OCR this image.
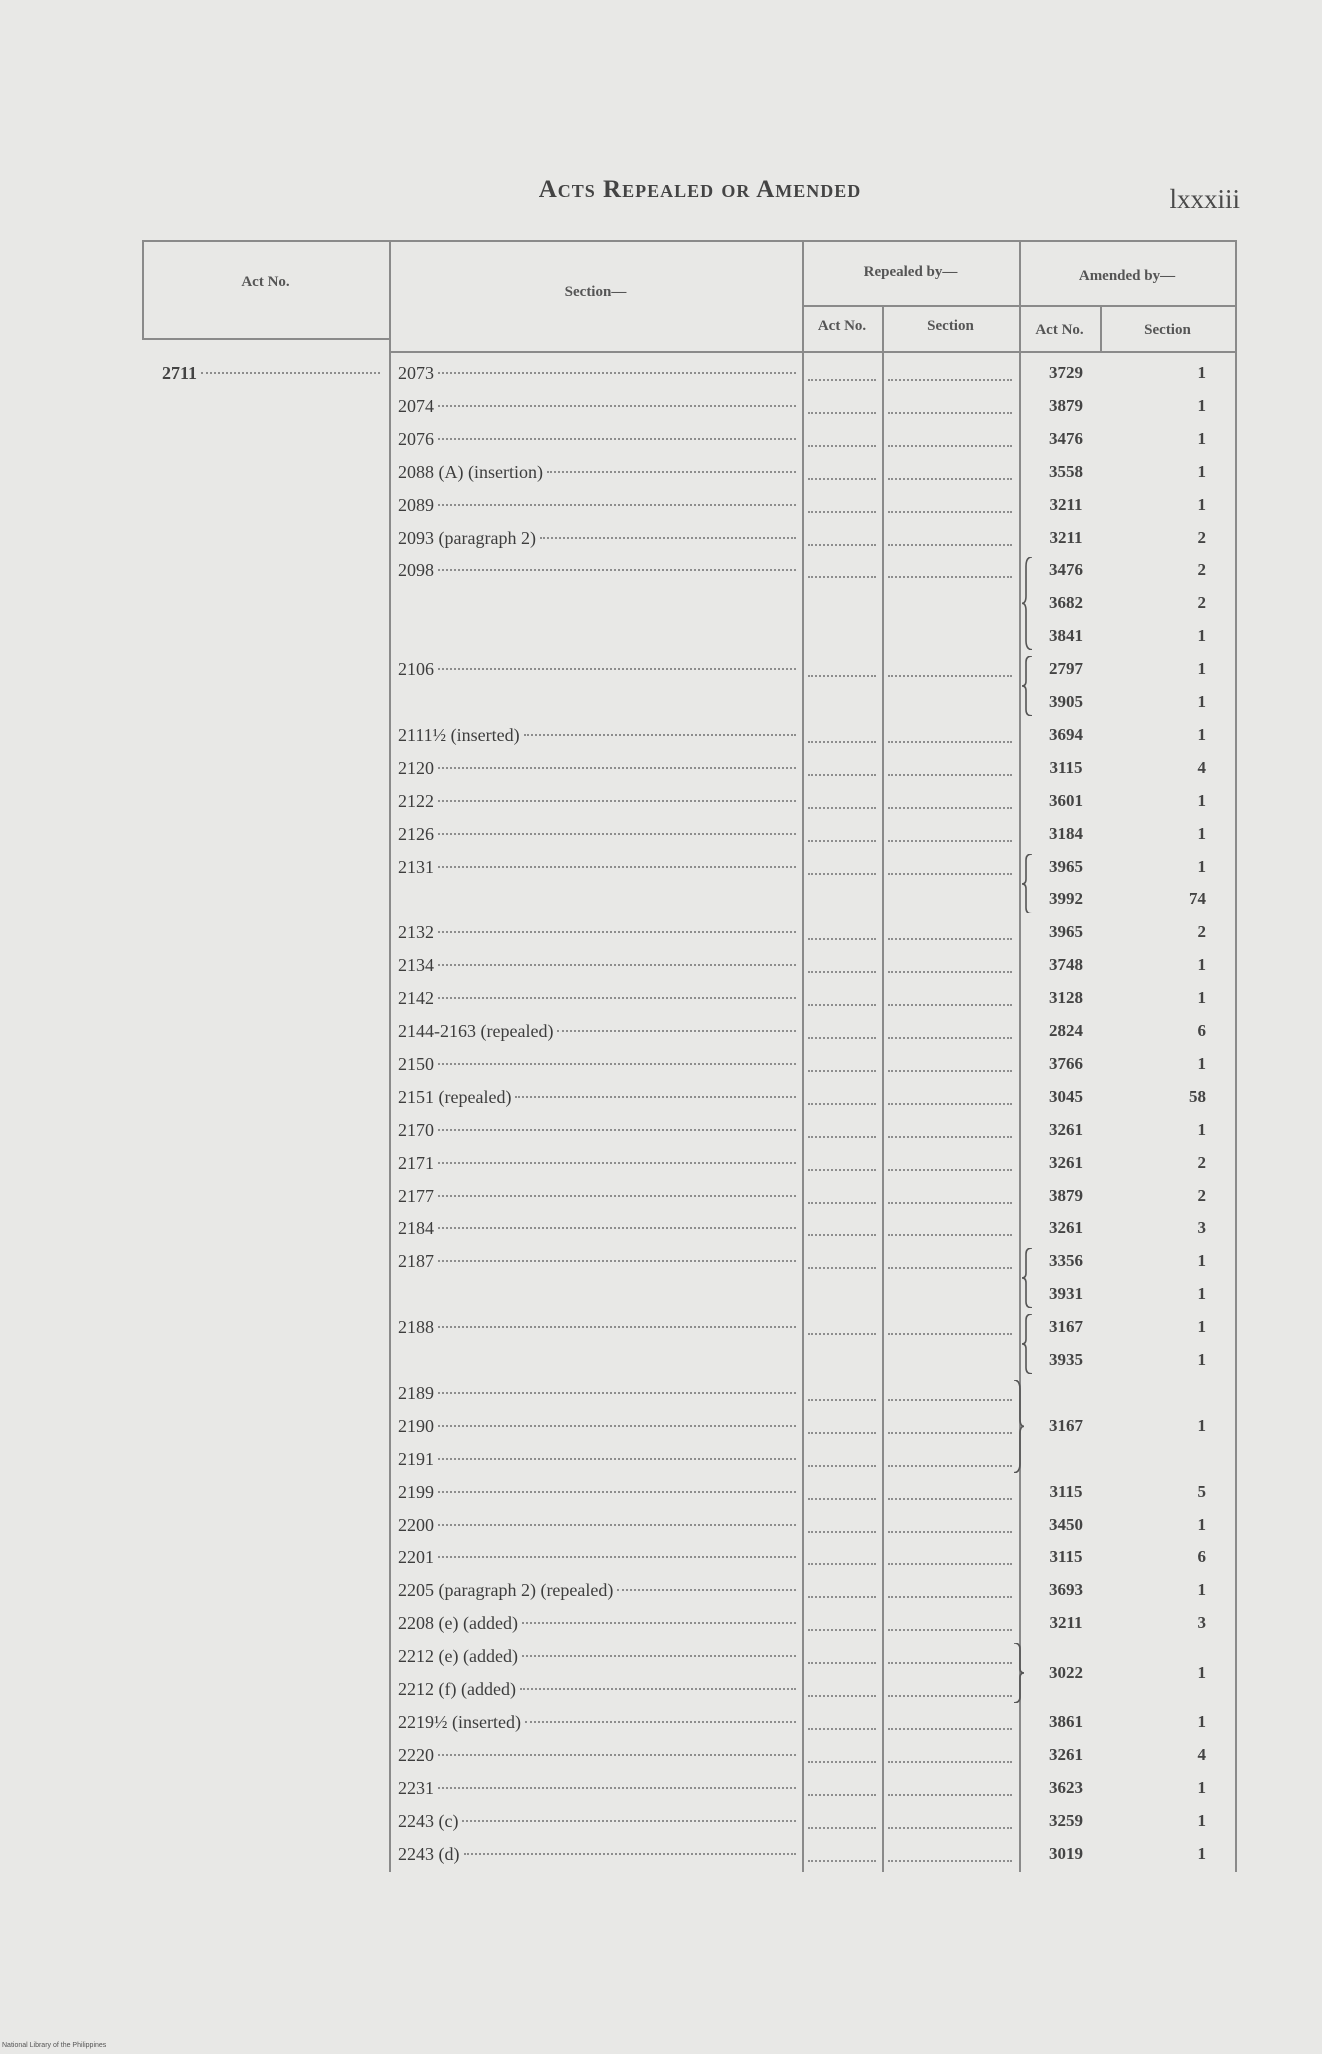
Acts Repealed or Amended	lxxxiii
Act No.
Section—
Repealed by—	Amended by—
Act No.	Section	Act No.	Section
2711	2073	3729	1
2074	3879	1
2076	3476	1
2088 (A) (insertion)	3558	1
2089	3211	1
2093 (paragraph 2)	3211	2
2098	3476	2
3682	2
3841	1
2106	2797	1
3905	1
2111½ (inserted)	3694	1
2120	3115	4
2122	3601	1
2126	3184	1
2131	3965	1
3992	74
2132	3965	2
2134	3748	1
2142	3128	1
2144-2163 (repealed)	2824	6
2150	3766	1
2151 (repealed)	3045	58
2170	3261	1
2171	3261	2
2177	3879	2
2184	3261	3
2187	3356	1
3931	1
2188	3167	1
3935	1
2189
2190
2191
3167	1
2199	3115	5
2200	3450	1
2201	3115	6
2205 (paragraph 2) (repealed)	3693	1
2208 (e) (added)	3211	3
2212 (e) (added)
2212 (f) (added)
3022	1
2219½ (inserted)	3861	1
2220	3261	4
2231	3623	1
2243 (c)	3259	1
2243 (d)	3019	1
National Library of the Philippines
